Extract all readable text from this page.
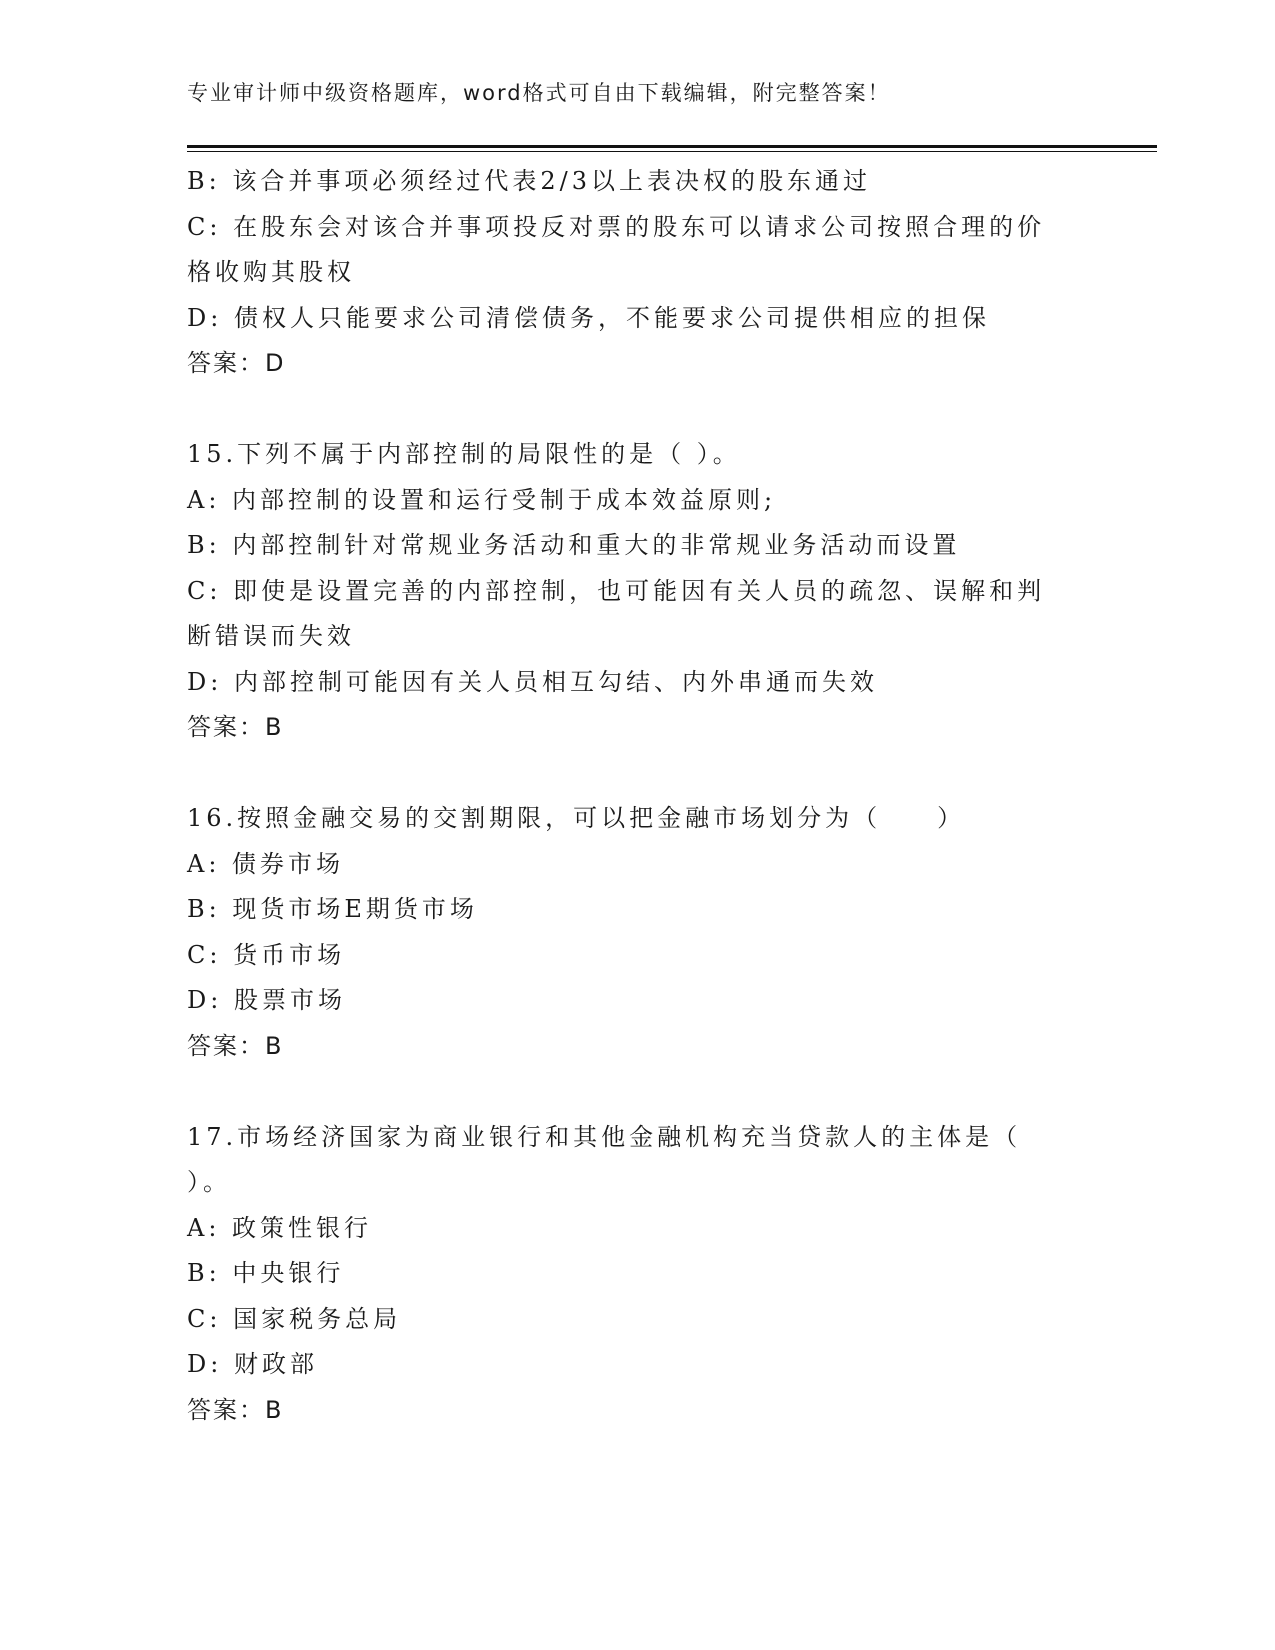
专业审计师中级资格题库，word格式可自由下载编辑，附完整答案！
B: 该合并事项必须经过代表2/3以上表决权的股东通过
C: 在股东会对该合并事项投反对票的股东可以请求公司按照合理的价
格收购其股权
D: 债权人只能要求公司清偿债务，不能要求公司提供相应的担保
答案：D
15.下列不属于内部控制的局限性的是（ ）。
A: 内部控制的设置和运行受制于成本效益原则;
B: 内部控制针对常规业务活动和重大的非常规业务活动而设置
C: 即使是设置完善的内部控制，也可能因有关人员的疏忽、误解和判
断错误而失效
D: 内部控制可能因有关人员相互勾结、内外串通而失效
答案：B
16.按照金融交易的交割期限，可以把金融市场划分为（　　）
A: 债券市场
B: 现货市场E期货市场
C: 货币市场
D: 股票市场
答案：B
17.市场经济国家为商业银行和其他金融机构充当贷款人的主体是（
）。
A: 政策性银行
B: 中央银行
C: 国家税务总局
D: 财政部
答案：B
